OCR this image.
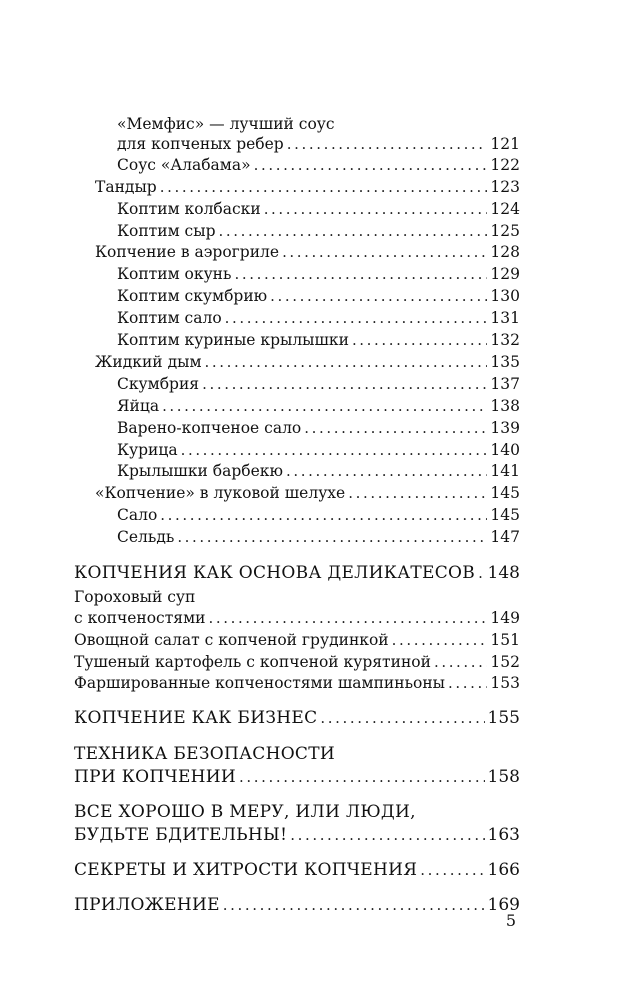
«Мемфис» — лучший соус
для копченых ребер .....	121
Соус «Алабама» .....	122
Тандыр .....	123
Коптим колбаски .....	124
Коптим сыр .....	125
Копчение в аэрогриле .....	128
Коптим окунь .....	129
Коптим скумбрию .....	130
Коптим сало .....	131
Коптим куриные крылышки .....	132
Жидкий дым .....	135
Скумбрия .....	137
Яйца .....	138
Варено-копченое сало .....	139
Курица .....	140
Крылышки барбекю .....	141
«Копчение» в луковой шелухе .....	145
Сало .....	145
Сельдь .....	147
КОПЧЕНИЯ КАК ОСНОВА ДЕЛИКАТЕСОВ ..... 148
Гороховый суп
с копченостями .....	149
Овощной салат с копченой грудинкой .....	151
Тушеный картофель с копченой курятиной .....	152
Фаршированные копченостями шампиньоны .....	153
КОПЧЕНИЕ КАК БИЗНЕС .....	155
ТЕХНИКА БЕЗОПАСНОСТИ
ПРИ КОПЧЕНИИ .....	158
ВСЕ ХОРОШО В МЕРУ, ИЛИ ЛЮДИ,
БУДЬТЕ БДИТЕЛЬНЫ! .....	163
СЕКРЕТЫ И ХИТРОСТИ КОПЧЕНИЯ .....	166
ПРИЛОЖЕНИЕ .....	169
5
